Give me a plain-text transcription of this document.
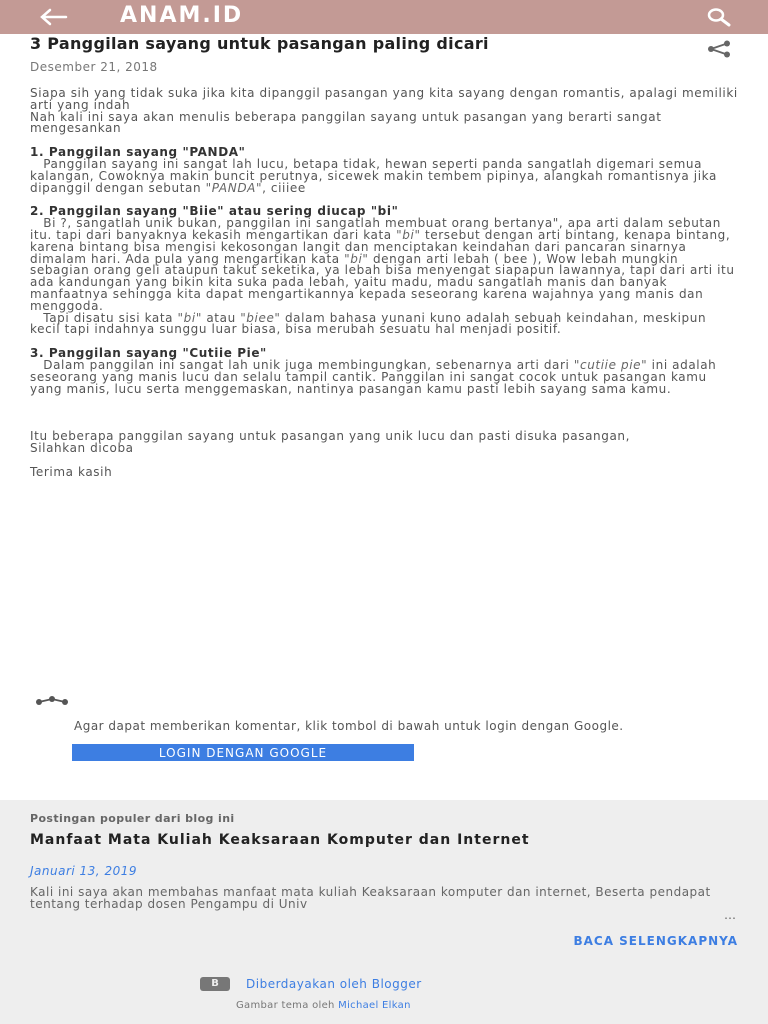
ANAM.ID
3 Panggilan sayang untuk pasangan paling dicari
Desember 21, 2018

Siapa sih yang tidak suka jika kita dipanggil pasangan yang kita sayang dengan romantis, apalagi memiliki arti yang indah

Nah kali ini saya akan menulis beberapa panggilan sayang untuk pasangan yang berarti sangat mengesankan

1. Panggilan sayang "PANDA"

Panggilan sayang ini sangat lah lucu, betapa tidak, hewan seperti panda sangatlah digemari semua kalangan, Cowoknya makin buncit perutnya, sicewek makin tembem pipinya, alangkah romantisnya jika dipanggil dengan sebutan "PANDA", ciiiee

2. Panggilan sayang "Biie" atau sering diucap "bi"

Bi ?, sangatlah unik bukan, panggilan ini sangatlah membuat orang bertanya", apa arti dalam sebutan itu. tapi dari banyaknya kekasih mengartikan dari kata "bi" tersebut dengan arti bintang, kenapa bintang, karena bintang bisa mengisi kekosongan langit dan menciptakan keindahan dari pancaran sinarnya dimalam hari. Ada pula yang mengartikan kata "bi" dengan arti lebah ( bee ), Wow lebah mungkin sebagian orang geli ataupun takut seketika, ya lebah bisa menyengat siapapun lawannya, tapi dari arti itu ada kandungan yang bikin kita suka pada lebah, yaitu madu, madu sangatlah manis dan banyak manfaatnya sehingga kita dapat mengartikannya kepada seseorang karena wajahnya yang manis dan menggoda.

Tapi disatu sisi kata "bi" atau "biee" dalam bahasa yunani kuno adalah sebuah keindahan, meskipun kecil tapi indahnya sunggu luar biasa, bisa merubah sesuatu hal menjadi positif.

3. Panggilan sayang "Cutiie Pie"

Dalam panggilan ini sangat lah unik juga membingungkan, sebenarnya arti dari "cutiie pie" ini adalah seseorang yang manis lucu dan selalu tampil cantik. Panggilan ini sangat cocok untuk pasangan kamu yang manis, lucu serta menggemaskan, nantinya pasangan kamu pasti lebih sayang sama kamu.

Itu beberapa panggilan sayang untuk pasangan yang unik lucu dan pasti disuka pasangan,

Silahkan dicoba

Terima kasih

Agar dapat memberikan komentar, klik tombol di bawah untuk login dengan Google.
LOGIN DENGAN GOOGLE
Postingan populer dari blog ini
Manfaat Mata Kuliah Keaksaraan Komputer dan Internet
Januari 13, 2019
Kali ini saya akan membahas manfaat mata kuliah Keaksaraan komputer dan internet, Beserta pendapat tentang terhadap dosen Pengampu di Univ
…
BACA SELENGKAPNYA
B	Diberdayakan oleh Blogger
Gambar tema oleh Michael Elkan
